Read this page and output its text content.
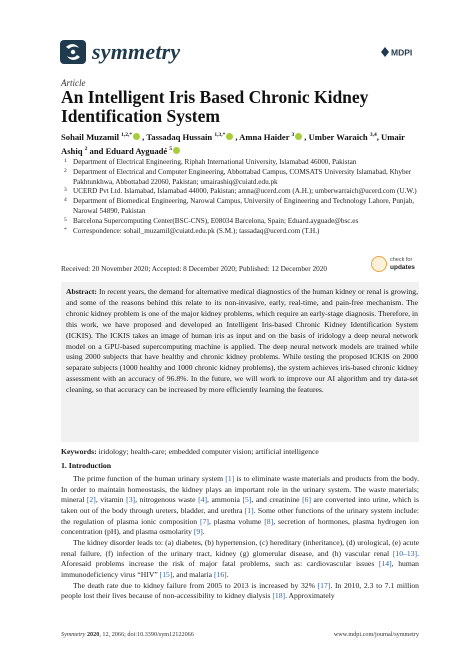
symmetry	MDPI
Article
An Intelligent Iris Based Chronic Kidney Identification System
Sohail Muzamil $^{1,2,*}$ , Tassadaq Hussain $^{1,3,*}$ , Amna Haider $^3$ , Umber Waraich $^{3,4}$, Umair Ashiq $^2$ and Eduard Ayguadé $^5$
1 Department of Electrical Engineering, Riphah International University, Islamabad 46000, Pakistan
2 Department of Electrical and Computer Engineering, Abbottabad Campus, COMSATS University Islamabad, Khyber Pakhtunkhwa, Abbottabad 22060, Pakistan; umairashiq@cuiatd.edu.pk
3 UCERD Pvt Ltd. Islamabad, Islamabad 44000, Pakistan; amna@ucerd.com (A.H.); umberwarraich@ucerd.com (U.W.)
4 Department of Biomedical Engineering, Narowal Campus, University of Engineering and Technology Lahore, Punjab, Narowal 54890, Pakistan
5 Barcelona Supercomputing Center(BSC-CNS), E08034 Barcelona, Spain; Eduard.ayguade@bsc.es
* Correspondence: sohail_muzamil@cuiatd.edu.pk (S.M.); tassadaq@ucerd.com (T.H.)
Received: 20 November 2020; Accepted: 8 December 2020; Published: 12 December 2020
check for
updates
Abstract: In recent years, the demand for alternative medical diagnostics of the human kidney or renal is growing, and some of the reasons behind this relate to its non-invasive, early, real-time, and pain-free mechanism. The chronic kidney problem is one of the major kidney problems, which require an early-stage diagnosis. Therefore, in this work, we have proposed and developed an Intelligent Iris-based Chronic Kidney Identification System (ICKIS). The ICKIS takes an image of human iris as input and on the basis of iridology a deep neural network model on a GPU-based supercomputing machine is applied. The deep neural network models are trained while using 2000 subjects that have healthy and chronic kidney problems. While testing the proposed ICKIS on 2000 separate subjects (1000 healthy and 1000 chronic kidney problems), the system achieves iris-based chronic kidney assessment with an accuracy of 96.8%. In the future, we will work to improve our AI algorithm and try data-set cleaning, so that accuracy can be increased by more efficiently learning the features.
Keywords: iridology; health-care; embedded computer vision; artificial intelligence
1. Introduction

The prime function of the human urinary system [1] is to eliminate waste materials and products from the body. In order to maintain homeostasis, the kidney plays an important role in the urinary system. The waste materials; mineral [2], vitamin [3], nitrogenous waste [4], ammonia [5], and creatinine [6] are converted into urine, which is taken out of the body through ureters, bladder, and urethra [1]. Some other functions of the urinary system include: the regulation of plasma ionic composition [7], plasma volume [8], secretion of hormones, plasma hydrogen ion concentration (pH), and plasma osmolarity [9].

The kidney disorder leads to: (a) diabetes, (b) hypertension, (c) hereditary (inheritance), (d) urological, (e) acute renal failure, (f) infection of the urinary tract, kidney (g) glomerular disease, and (h) vascular renal [10–13]. Aforesaid problems increase the risk of major fatal problems, such as: cardiovascular issues [14], human immunodeficiency virus “HIV” [15], and malaria [16].

The death rate due to kidney failure from 2005 to 2013 is increased by 32% [17]. In 2010, 2.3 to 7.1 million people lost their lives because of non-accessibility to kidney dialysis [18]. Approximately

Symmetry 2020, 12, 2066; doi:10.3390/sym12122066	www.mdpi.com/journal/symmetry
